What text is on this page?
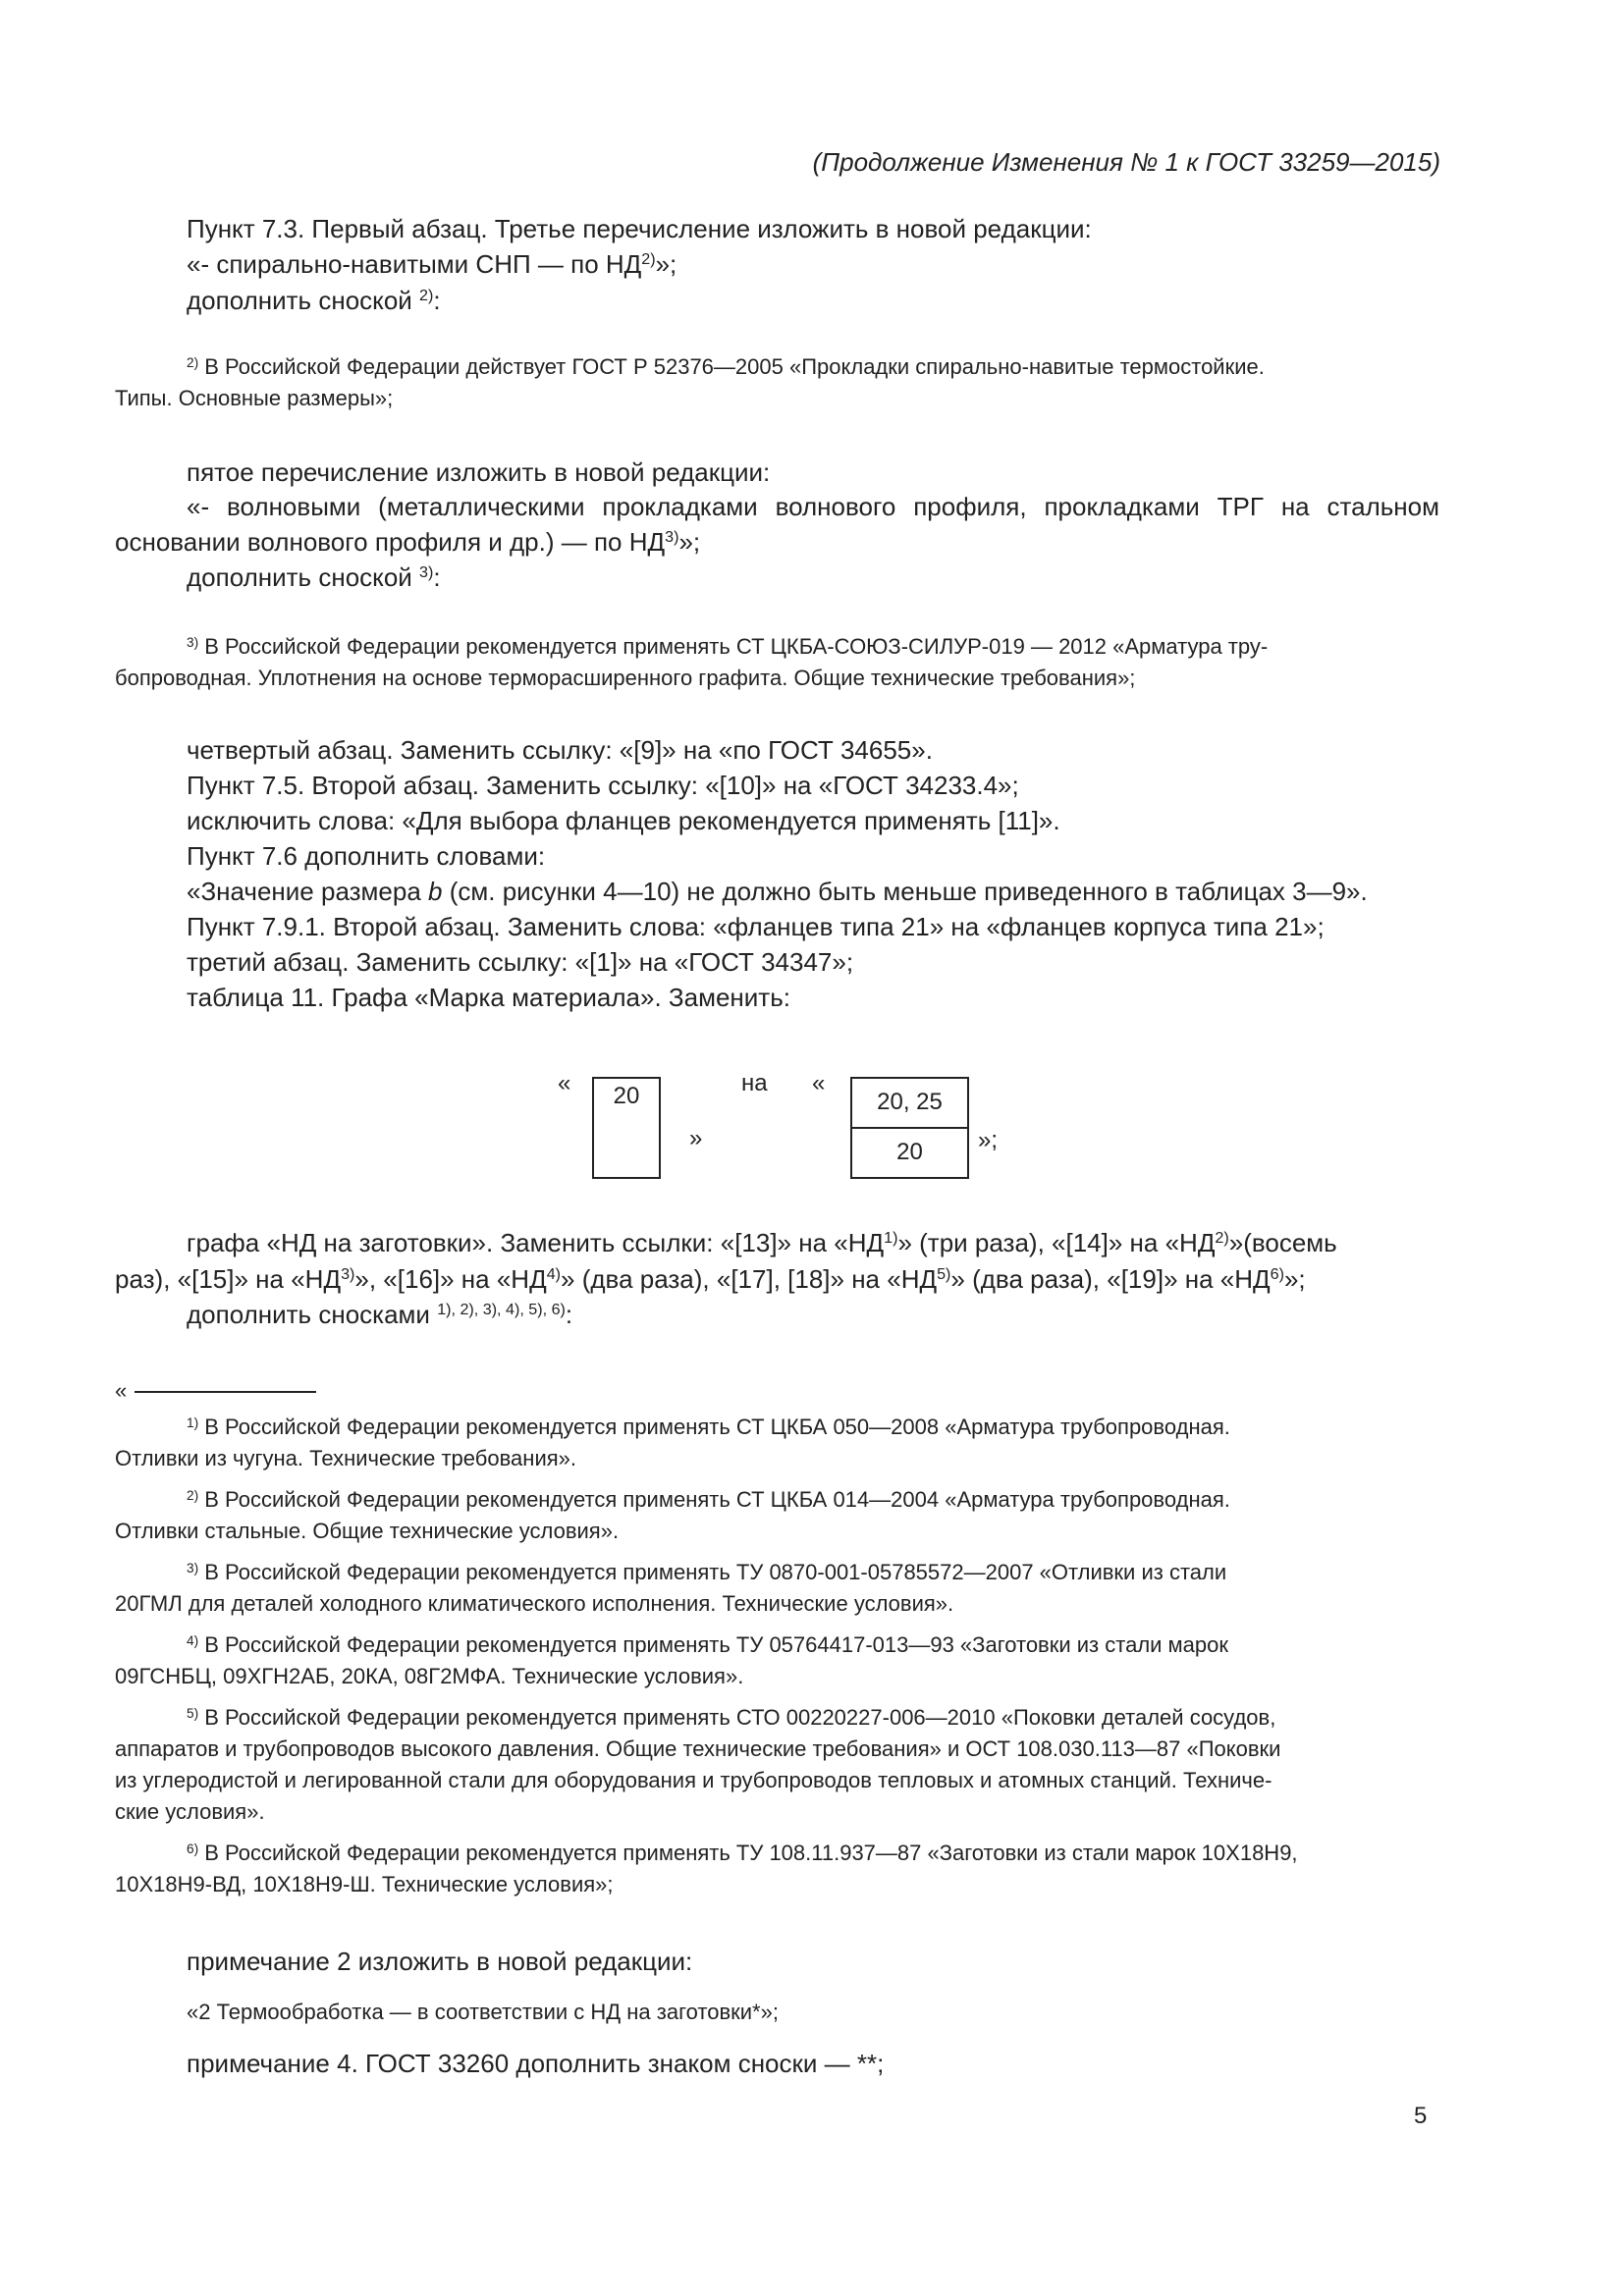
(Продолжение Изменения № 1 к ГОСТ 33259—2015)
Пункт 7.3. Первый абзац. Третье перечисление изложить в новой редакции:
«- спирально-навитыми СНП — по НД$^{2)}$»;
дополнить сноской $^{2)}$:
$^{2)}$ В Российской Федерации действует ГОСТ Р 52376—2005 «Прокладки спирально-навитые термостойкие.
Типы. Основные размеры»;
пятое перечисление изложить в новой редакции:
«- волновыми (металлическими прокладками волнового профиля, прокладками ТРГ на стальном
основании волнового профиля и др.) — по НД$^{3)}$»;
дополнить сноской $^{3)}$:
$^{3)}$ В Российской Федерации рекомендуется применять СТ ЦКБА-СОЮЗ-СИЛУР-019 — 2012 «Арматура тру-
бопроводная. Уплотнения на основе терморасширенного графита. Общие технические требования»;
четвертый абзац. Заменить ссылку: «[9]» на «по ГОСТ 34655».
Пункт 7.5. Второй абзац. Заменить ссылку: «[10]» на «ГОСТ 34233.4»;
исключить слова: «Для выбора фланцев рекомендуется применять [11]».
Пункт 7.6 дополнить словами:
«Значение размера b (см. рисунки 4—10) не должно быть меньше приведенного в таблицах 3—9».
Пункт 7.9.1. Второй абзац. Заменить слова: «фланцев типа 21» на «фланцев корпуса типа 21»;
третий абзац. Заменить ссылку: «[1]» на «ГОСТ 34347»;
таблица 11. Графа «Марка материала». Заменить:
«	20
»
на «
20, 25
20	»;
графа «НД на заготовки». Заменить ссылки: «[13]» на «НД$^{1)}$» (три раза), «[14]» на «НД$^{2)}$»(восемь
раз), «[15]» на «НД$^{3)}$», «[16]» на «НД$^{4)}$» (два раза), «[17], [18]» на «НД$^{5)}$» (два раза), «[19]» на «НД$^{6)}$»;
дополнить сносками $^{1), 2), 3), 4), 5), 6)}$:
«
$^{1)}$ В Российской Федерации рекомендуется применять СТ ЦКБА 050—2008 «Арматура трубопроводная.
Отливки из чугуна. Технические требования».
$^{2)}$ В Российской Федерации рекомендуется применять СТ ЦКБА 014—2004 «Арматура трубопроводная.
Отливки стальные. Общие технические условия».
$^{3)}$ В Российской Федерации рекомендуется применять ТУ 0870-001-05785572—2007 «Отливки из стали
20ГМЛ для деталей холодного климатического исполнения. Технические условия».
$^{4)}$ В Российской Федерации рекомендуется применять ТУ 05764417-013—93 «Заготовки из стали марок
09ГСНБЦ, 09ХГН2АБ, 20КА, 08Г2МФА. Технические условия».
$^{5)}$ В Российской Федерации рекомендуется применять СТО 00220227-006—2010 «Поковки деталей сосудов,
аппаратов и трубопроводов высокого давления. Общие технические требования» и ОСТ 108.030.113—87 «Поковки
из углеродистой и легированной стали для оборудования и трубопроводов тепловых и атомных станций. Техниче-
ские условия».
$^{6)}$ В Российской Федерации рекомендуется применять ТУ 108.11.937—87 «Заготовки из стали марок 10Х18Н9,
10Х18Н9-ВД, 10Х18Н9-Ш. Технические условия»;
примечание 2 изложить в новой редакции:
«2 Термообработка — в соответствии с НД на заготовки*»;
примечание 4. ГОСТ 33260 дополнить знаком сноски — **;
5
